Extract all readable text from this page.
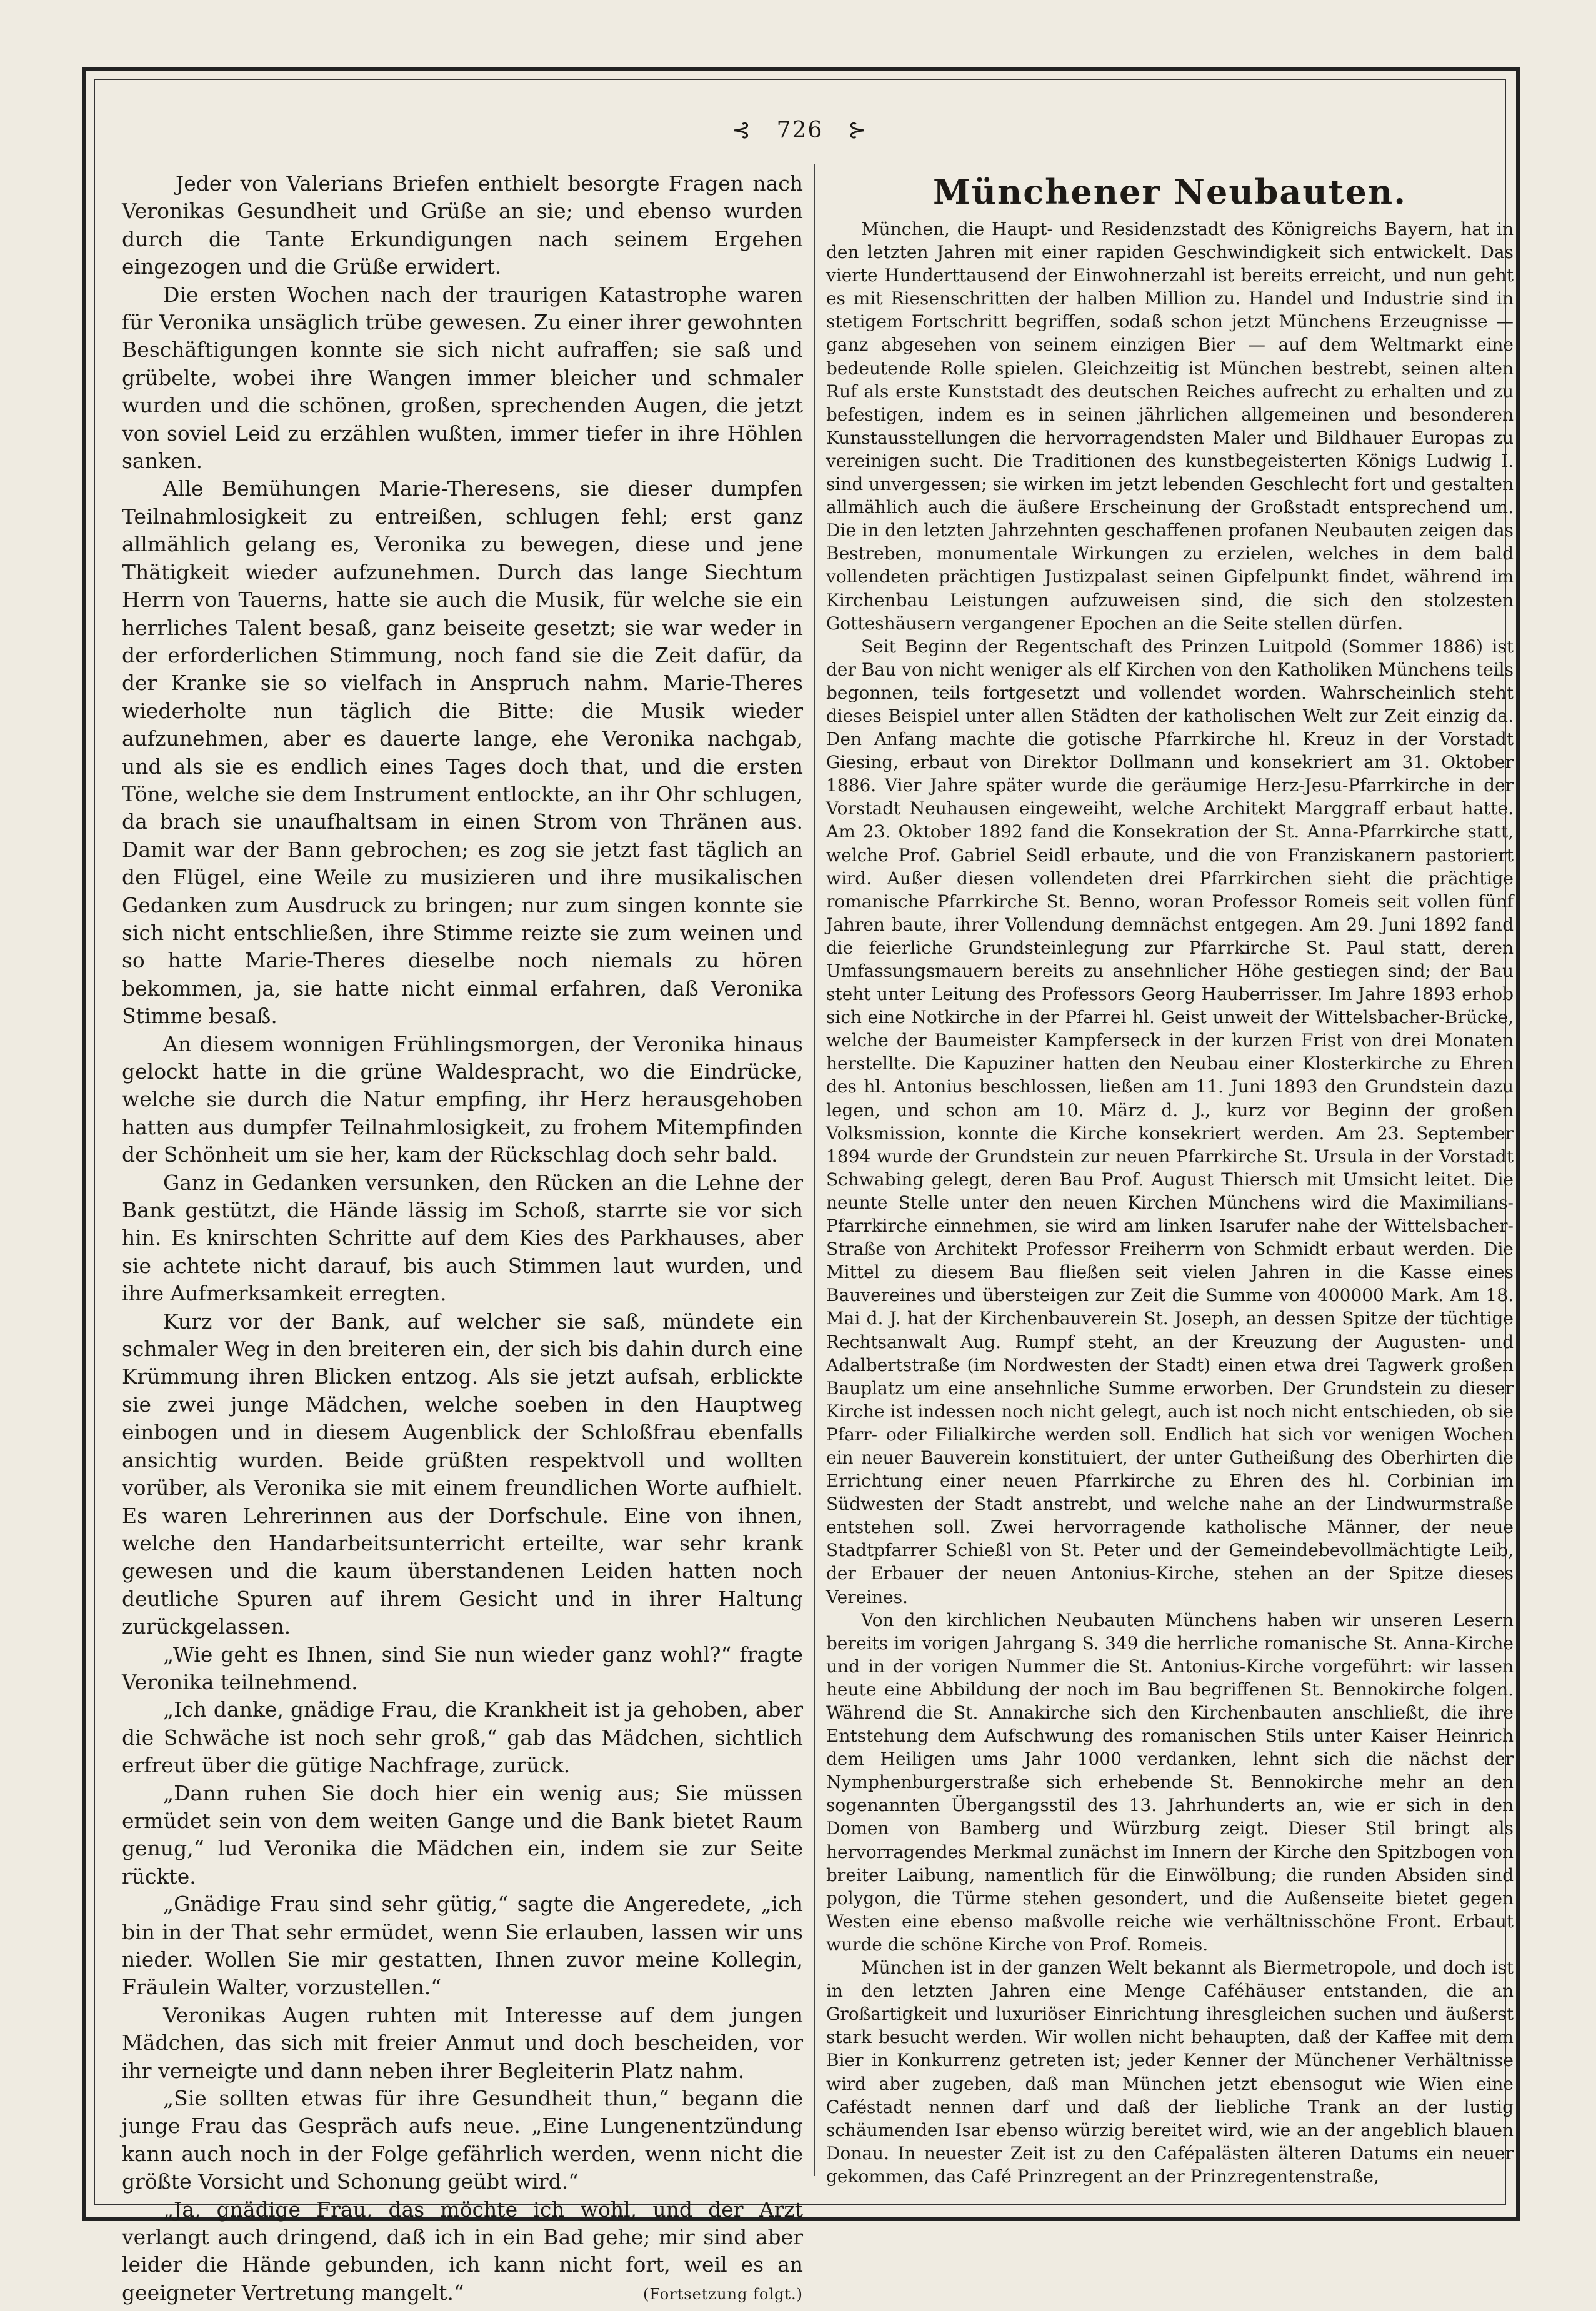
⊰ 726 ⊱

Jeder von Valerians Briefen enthielt besorgte Fragen nach Veronikas Gesundheit und Grüße an sie; und ebenso wurden durch die Tante Erkundigungen nach seinem Ergehen eingezogen und die Grüße erwidert.

Die ersten Wochen nach der traurigen Katastrophe waren für Veronika unsäglich trübe gewesen. Zu einer ihrer gewohnten Beschäftigungen konnte sie sich nicht aufraffen; sie saß und grübelte, wobei ihre Wangen immer bleicher und schmaler wurden und die schönen, großen, sprechenden Augen, die jetzt von soviel Leid zu erzählen wußten, immer tiefer in ihre Höhlen sanken.

Alle Bemühungen Marie-Theresens, sie dieser dumpfen Teilnahmlosigkeit zu entreißen, schlugen fehl; erst ganz allmählich gelang es, Veronika zu bewegen, diese und jene Thätigkeit wieder aufzunehmen. Durch das lange Siechtum Herrn von Tauerns, hatte sie auch die Musik, für welche sie ein herrliches Talent besaß, ganz beiseite gesetzt; sie war weder in der erforderlichen Stimmung, noch fand sie die Zeit dafür, da der Kranke sie so vielfach in Anspruch nahm. Marie-Theres wiederholte nun täglich die Bitte: die Musik wieder aufzunehmen, aber es dauerte lange, ehe Veronika nachgab, und als sie es endlich eines Tages doch that, und die ersten Töne, welche sie dem Instrument entlockte, an ihr Ohr schlugen, da brach sie unaufhaltsam in einen Strom von Thränen aus. Damit war der Bann gebrochen; es zog sie jetzt fast täglich an den Flügel, eine Weile zu musizieren und ihre musikalischen Gedanken zum Ausdruck zu bringen; nur zum singen konnte sie sich nicht entschließen, ihre Stimme reizte sie zum weinen und so hatte Marie-Theres dieselbe noch niemals zu hören bekommen, ja, sie hatte nicht einmal erfahren, daß Veronika Stimme besaß.

An diesem wonnigen Frühlingsmorgen, der Veronika hinaus gelockt hatte in die grüne Waldespracht, wo die Eindrücke, welche sie durch die Natur empfing, ihr Herz herausgehoben hatten aus dumpfer Teilnahmlosigkeit, zu frohem Mitempfinden der Schönheit um sie her, kam der Rückschlag doch sehr bald.

Ganz in Gedanken versunken, den Rücken an die Lehne der Bank gestützt, die Hände lässig im Schoß, starrte sie vor sich hin. Es knirschten Schritte auf dem Kies des Parkhauses, aber sie achtete nicht darauf, bis auch Stimmen laut wurden, und ihre Aufmerksamkeit erregten.

Kurz vor der Bank, auf welcher sie saß, mündete ein schmaler Weg in den breiteren ein, der sich bis dahin durch eine Krümmung ihren Blicken entzog. Als sie jetzt aufsah, erblickte sie zwei junge Mädchen, welche soeben in den Hauptweg einbogen und in diesem Augenblick der Schloßfrau ebenfalls ansichtig wurden. Beide grüßten respektvoll und wollten vorüber, als Veronika sie mit einem freundlichen Worte aufhielt. Es waren Lehrerinnen aus der Dorfschule. Eine von ihnen, welche den Handarbeitsunterricht erteilte, war sehr krank gewesen und die kaum überstandenen Leiden hatten noch deutliche Spuren auf ihrem Gesicht und in ihrer Haltung zurückgelassen.

„Wie geht es Ihnen, sind Sie nun wieder ganz wohl?“ fragte Veronika teilnehmend.

„Ich danke, gnädige Frau, die Krankheit ist ja gehoben, aber die Schwäche ist noch sehr groß,“ gab das Mädchen, sichtlich erfreut über die gütige Nachfrage, zurück.

„Dann ruhen Sie doch hier ein wenig aus; Sie müssen ermüdet sein von dem weiten Gange und die Bank bietet Raum genug,“ lud Veronika die Mädchen ein, indem sie zur Seite rückte.

„Gnädige Frau sind sehr gütig,“ sagte die Angeredete, „ich bin in der That sehr ermüdet, wenn Sie erlauben, lassen wir uns nieder. Wollen Sie mir gestatten, Ihnen zuvor meine Kollegin, Fräulein Walter, vorzustellen.“

Veronikas Augen ruhten mit Interesse auf dem jungen Mädchen, das sich mit freier Anmut und doch bescheiden, vor ihr verneigte und dann neben ihrer Begleiterin Platz nahm.

„Sie sollten etwas für ihre Gesundheit thun,“ begann die junge Frau das Gespräch aufs neue. „Eine Lungenentzündung kann auch noch in der Folge gefährlich werden, wenn nicht die größte Vorsicht und Schonung geübt wird.“

„Ja, gnädige Frau, das möchte ich wohl, und der Arzt verlangt auch dringend, daß ich in ein Bad gehe; mir sind aber leider die Hände gebunden, ich kann nicht fort, weil es an geeigneter Vertretung mangelt.“	(Fortsetzung folgt.)

Münchener Neubauten.

München, die Haupt- und Residenzstadt des Königreichs Bayern, hat in den letzten Jahren mit einer rapiden Geschwindigkeit sich entwickelt. Das vierte Hunderttausend der Einwohnerzahl ist bereits erreicht, und nun geht es mit Riesenschritten der halben Million zu. Handel und Industrie sind in stetigem Fortschritt begriffen, sodaß schon jetzt Münchens Erzeugnisse — ganz abgesehen von seinem einzigen Bier — auf dem Weltmarkt eine bedeutende Rolle spielen. Gleichzeitig ist München bestrebt, seinen alten Ruf als erste Kunststadt des deutschen Reiches aufrecht zu erhalten und zu befestigen, indem es in seinen jährlichen allgemeinen und besonderen Kunstausstellungen die hervorragendsten Maler und Bildhauer Europas zu vereinigen sucht. Die Traditionen des kunstbegeisterten Königs Ludwig I. sind unvergessen; sie wirken im jetzt lebenden Geschlecht fort und gestalten allmählich auch die äußere Erscheinung der Großstadt entsprechend um. Die in den letzten Jahrzehnten geschaffenen profanen Neubauten zeigen das Bestreben, monumentale Wirkungen zu erzielen, welches in dem bald vollendeten prächtigen Justizpalast seinen Gipfelpunkt findet, während im Kirchenbau Leistungen aufzuweisen sind, die sich den stolzesten Gotteshäusern vergangener Epochen an die Seite stellen dürfen.

Seit Beginn der Regentschaft des Prinzen Luitpold (Sommer 1886) ist der Bau von nicht weniger als elf Kirchen von den Katholiken Münchens teils begonnen, teils fortgesetzt und vollendet worden. Wahrscheinlich steht dieses Beispiel unter allen Städten der katholischen Welt zur Zeit einzig da. Den Anfang machte die gotische Pfarrkirche hl. Kreuz in der Vorstadt Giesing, erbaut von Direktor Dollmann und konsekriert am 31. Oktober 1886. Vier Jahre später wurde die geräumige Herz-Jesu-Pfarrkirche in der Vorstadt Neuhausen eingeweiht, welche Architekt Marggraff erbaut hatte. Am 23. Oktober 1892 fand die Konsekration der St. Anna-Pfarrkirche statt, welche Prof. Gabriel Seidl erbaute, und die von Franziskanern pastoriert wird. Außer diesen vollendeten drei Pfarrkirchen sieht die prächtige romanische Pfarrkirche St. Benno, woran Professor Romeis seit vollen fünf Jahren baute, ihrer Vollendung demnächst entgegen. Am 29. Juni 1892 fand die feierliche Grundsteinlegung zur Pfarrkirche St. Paul statt, deren Umfassungsmauern bereits zu ansehnlicher Höhe gestiegen sind; der Bau steht unter Leitung des Professors Georg Hauberrisser. Im Jahre 1893 erhob sich eine Notkirche in der Pfarrei hl. Geist unweit der Wittelsbacher-Brücke, welche der Baumeister Kampferseck in der kurzen Frist von drei Monaten herstellte. Die Kapuziner hatten den Neubau einer Klosterkirche zu Ehren des hl. Antonius beschlossen, ließen am 11. Juni 1893 den Grundstein dazu legen, und schon am 10. März d. J., kurz vor Beginn der großen Volksmission, konnte die Kirche konsekriert werden. Am 23. September 1894 wurde der Grundstein zur neuen Pfarrkirche St. Ursula in der Vorstadt Schwabing gelegt, deren Bau Prof. August Thiersch mit Umsicht leitet. Die neunte Stelle unter den neuen Kirchen Münchens wird die Maximilians-Pfarrkirche einnehmen, sie wird am linken Isarufer nahe der Wittelsbacher-Straße von Architekt Professor Freiherrn von Schmidt erbaut werden. Die Mittel zu diesem Bau fließen seit vielen Jahren in die Kasse eines Bauvereines und übersteigen zur Zeit die Summe von 400000 Mark. Am 18. Mai d. J. hat der Kirchenbauverein St. Joseph, an dessen Spitze der tüchtige Rechtsanwalt Aug. Rumpf steht, an der Kreuzung der Augusten- und Adalbertstraße (im Nordwesten der Stadt) einen etwa drei Tagwerk großen Bauplatz um eine ansehnliche Summe erworben. Der Grundstein zu dieser Kirche ist indessen noch nicht gelegt, auch ist noch nicht entschieden, ob sie Pfarr- oder Filialkirche werden soll. Endlich hat sich vor wenigen Wochen ein neuer Bauverein konstituiert, der unter Gutheißung des Oberhirten die Errichtung einer neuen Pfarrkirche zu Ehren des hl. Corbinian im Südwesten der Stadt anstrebt, und welche nahe an der Lindwurmstraße entstehen soll. Zwei hervorragende katholische Männer, der neue Stadtpfarrer Schießl von St. Peter und der Gemeindebevollmächtigte Leib, der Erbauer der neuen Antonius-Kirche, stehen an der Spitze dieses Vereines.

Von den kirchlichen Neubauten Münchens haben wir unseren Lesern bereits im vorigen Jahrgang S. 349 die herrliche romanische St. Anna-Kirche und in der vorigen Nummer die St. Antonius-Kirche vorgeführt: wir lassen heute eine Abbildung der noch im Bau begriffenen St. Bennokirche folgen. Während die St. Annakirche sich den Kirchenbauten anschließt, die ihre Entstehung dem Aufschwung des romanischen Stils unter Kaiser Heinrich dem Heiligen ums Jahr 1000 verdanken, lehnt sich die nächst der Nymphenburgerstraße sich erhebende St. Bennokirche mehr an den sogenannten Übergangsstil des 13. Jahrhunderts an, wie er sich in den Domen von Bamberg und Würzburg zeigt. Dieser Stil bringt als hervorragendes Merkmal zunächst im Innern der Kirche den Spitzbogen von breiter Laibung, namentlich für die Einwölbung; die runden Absiden sind polygon, die Türme stehen gesondert, und die Außenseite bietet gegen Westen eine ebenso maßvolle reiche wie verhältnisschöne Front. Erbaut wurde die schöne Kirche von Prof. Romeis.

München ist in der ganzen Welt bekannt als Biermetropole, und doch ist in den letzten Jahren eine Menge Caféhäuser entstanden, die an Großartigkeit und luxuriöser Einrichtung ihresgleichen suchen und äußerst stark besucht werden. Wir wollen nicht behaupten, daß der Kaffee mit dem Bier in Konkurrenz getreten ist; jeder Kenner der Münchener Verhältnisse wird aber zugeben, daß man München jetzt ebensogut wie Wien eine Caféstadt nennen darf und daß der liebliche Trank an der lustig schäumenden Isar ebenso würzig bereitet wird, wie an der angeblich blauen Donau. In neuester Zeit ist zu den Cafépalästen älteren Datums ein neuer gekommen, das Café Prinzregent an der Prinzregentenstraße,
